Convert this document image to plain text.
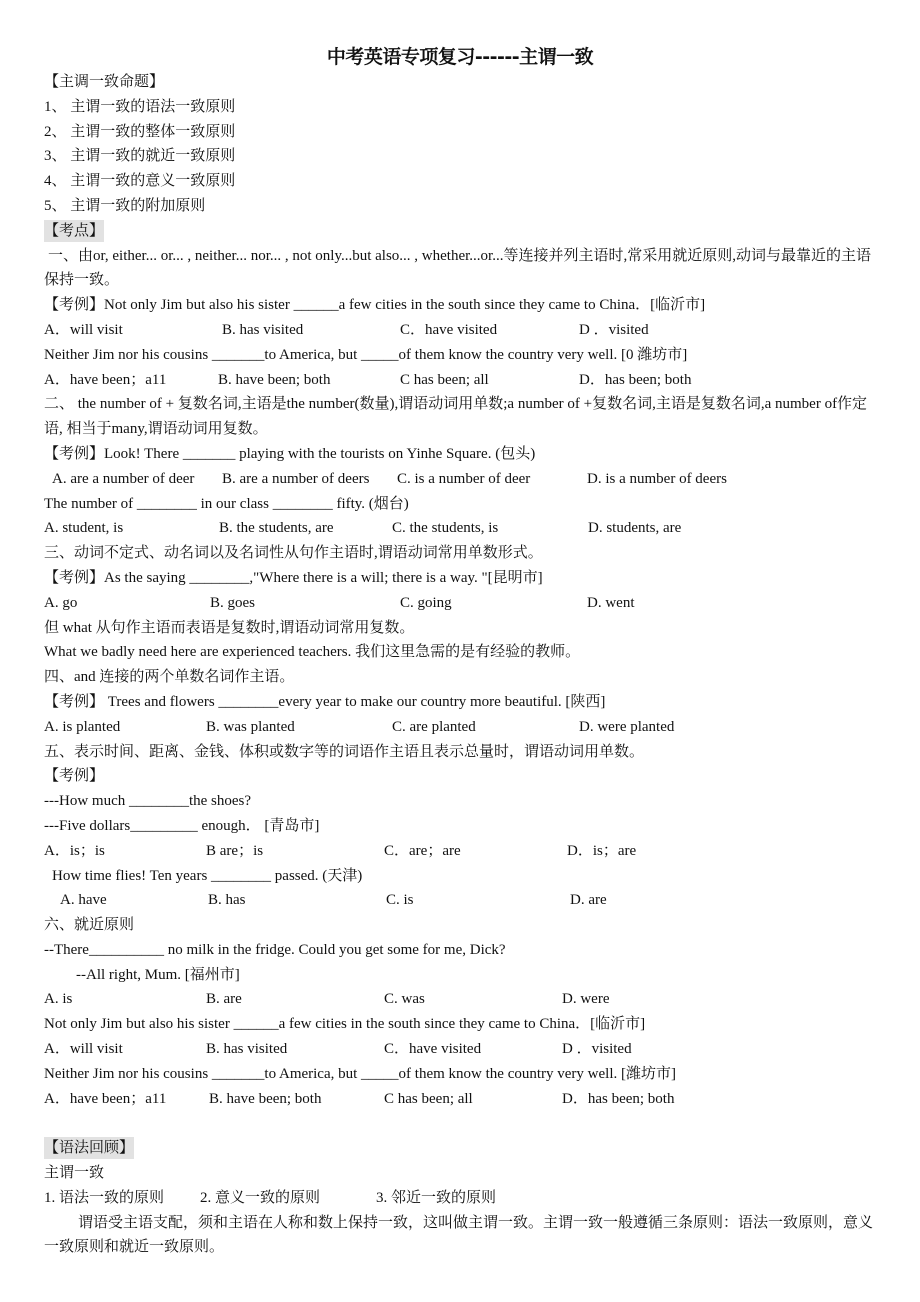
中考英语专项复习------主谓一致
【主调一致命题】
1、 主谓一致的语法一致原则
2、 主谓一致的整体一致原则
3、 主谓一致的就近一致原则
4、 主谓一致的意义一致原则
5、 主谓一致的附加原则
【考点】
一、由or, either... or... , neither... nor... , not only...but also... , whether...or...等连接并列主语时,常采用就近原则,动词与最靠近的主语保持一致。
【考例】Not only Jim but also his sister ______a few cities in the south since they came to China．[临沂市]
A．will visit	B. has visited	C．have visited	D ．visited
Neither Jim nor his cousins _______to America, but _____of them know the country very well. [0 潍坊市]
A．have been；a11	B. have been; both	C has been; all	D．has been; both
二、 the number of + 复数名词,主语是the number(数量),谓语动词用单数;a number of +复数名词,主语是复数名词,a number of作定语, 相当于many,谓语动词用复数。
【考例】Look! There _______ playing with the tourists on Yinhe Square. (包头)
A. are a number of deer B. are a number of deers C. is a number of deer	D. is a number of deers
The number of ________ in our class ________ fifty. (烟台)
A. student, is	B. the students, are	C. the students, is	D. students, are
三、动词不定式、动名词以及名词性从句作主语时,谓语动词常用单数形式。
【考例】As the saying ________,"Where there is a will; there is a way. "[昆明市]
A. go	B. goes	C. going	D. went
但 what 从句作主语而表语是复数时,谓语动词常用复数。
What we badly need here are experienced teachers. 我们这里急需的是有经验的教师。
四、and 连接的两个单数名词作主语。
【考例】 Trees and flowers ________every year to make our country more beautiful. [陕西]
A. is planted	B. was planted	C. are planted	D. were planted
五、表示时间、距离、金钱、体积或数字等的词语作主语且表示总量时，谓语动词用单数。
【考例】
---How much ________the shoes?
---Five dollars_________ enough． [青岛市]
A．is；is	B are；is	C．are；are	D．is；are
How time flies! Ten years ________ passed. (天津)
A. have	B. has	C. is	D. are
六、就近原则
--There__________ no milk in the fridge. Could you get some for me, Dick?
--All right, Mum. [福州市]
A. is	B. are	C. was	D. were
Not only Jim but also his sister ______a few cities in the south since they came to China．[临沂市]
A．will visit	B. has visited	C．have visited	D ．visited
Neither Jim nor his cousins _______to America, but _____of them know the country very well. [潍坊市]
A．have been；a11	B. have been; both	C has been; all	D．has been; both
【语法回顾】
主谓一致
1. 语法一致的原则 2. 意义一致的原则	3. 邻近一致的原则
谓语受主语支配，须和主语在人称和数上保持一致，这叫做主谓一致。主谓一致一般遵循三条原则：语法一致原则，意义一致原则和就近一致原则。
